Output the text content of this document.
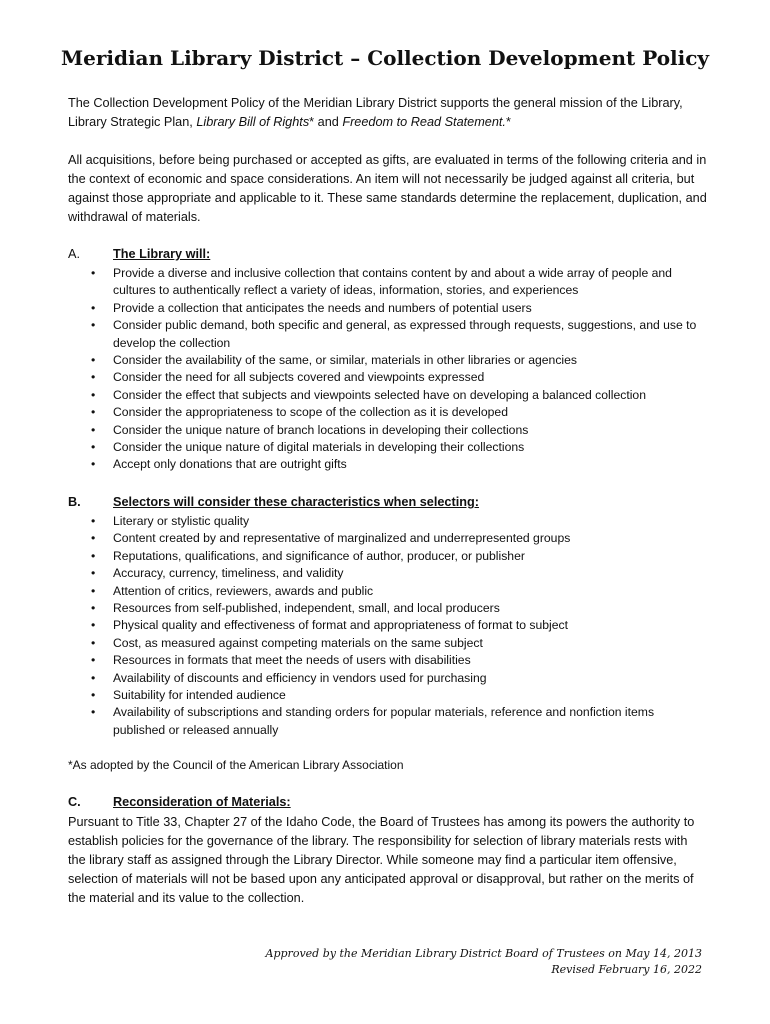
Meridian Library District – Collection Development Policy

The Collection Development Policy of the Meridian Library District supports the general mission of the Library, Library Strategic Plan, Library Bill of Rights* and Freedom to Read Statement.*

All acquisitions, before being purchased or accepted as gifts, are evaluated in terms of the following criteria and in the context of economic and space considerations. An item will not necessarily be judged against all criteria, but against those appropriate and applicable to it. These same standards determine the replacement, duplication, and withdrawal of materials.

A.	The Library will:
• Provide a diverse and inclusive collection that contains content by and about a wide array of people and cultures to authentically reflect a variety of ideas, information, stories, and experiences
• Provide a collection that anticipates the needs and numbers of potential users
• Consider public demand, both specific and general, as expressed through requests, suggestions, and use to develop the collection
• Consider the availability of the same, or similar, materials in other libraries or agencies
• Consider the need for all subjects covered and viewpoints expressed
• Consider the effect that subjects and viewpoints selected have on developing a balanced collection
• Consider the appropriateness to scope of the collection as it is developed
• Consider the unique nature of branch locations in developing their collections
• Consider the unique nature of digital materials in developing their collections
• Accept only donations that are outright gifts
B.	Selectors will consider these characteristics when selecting:
• Literary or stylistic quality
• Content created by and representative of marginalized and underrepresented groups
• Reputations, qualifications, and significance of author, producer, or publisher
• Accuracy, currency, timeliness, and validity
• Attention of critics, reviewers, awards and public
• Resources from self-published, independent, small, and local producers
• Physical quality and effectiveness of format and appropriateness of format to subject
• Cost, as measured against competing materials on the same subject
• Resources in formats that meet the needs of users with disabilities
• Availability of discounts and efficiency in vendors used for purchasing
• Suitability for intended audience
• Availability of subscriptions and standing orders for popular materials, reference and nonfiction items published or released annually

*As adopted by the Council of the American Library Association

C.	Reconsideration of Materials:

Pursuant to Title 33, Chapter 27 of the Idaho Code, the Board of Trustees has among its powers the authority to establish policies for the governance of the library. The responsibility for selection of library materials rests with the library staff as assigned through the Library Director. While someone may find a particular item offensive, selection of materials will not be based upon any anticipated approval or disapproval, but rather on the merits of the material and its value to the collection.

Approved by the Meridian Library District Board of Trustees on May 14, 2013
Revised February 16, 2022
